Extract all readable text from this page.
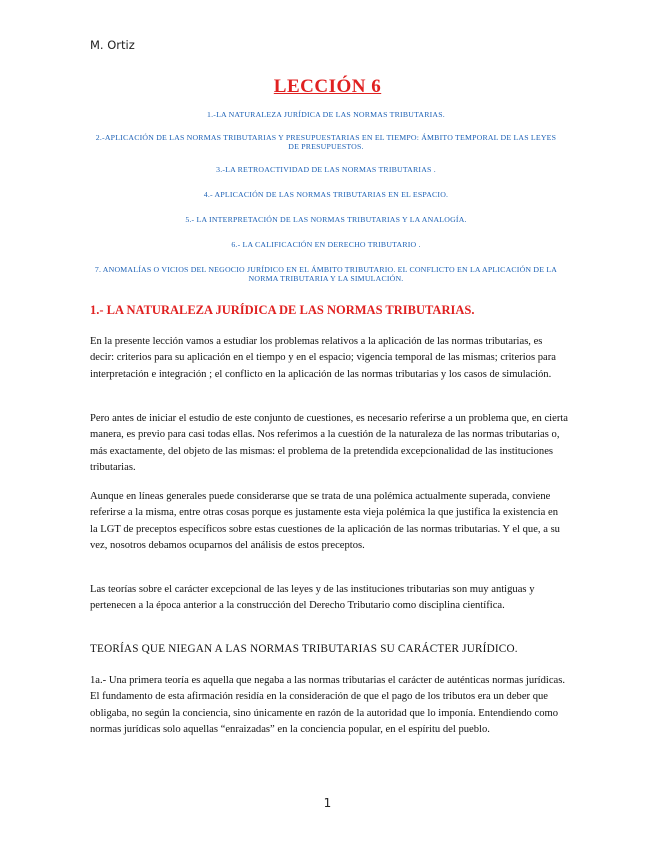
M. Ortiz
LECCIÓN 6
1.-LA NATURALEZA JURÍDICA DE LAS NORMAS TRIBUTARIAS.
2.-APLICACIÓN DE LAS NORMAS TRIBUTARIAS Y PRESUPUESTARIAS EN EL TIEMPO: ÁMBITO TEMPORAL DE LAS LEYES DE PRESUPUESTOS.
3.-LA RETROACTIVIDAD DE LAS NORMAS TRIBUTARIAS .
4.- APLICACIÓN DE LAS NORMAS TRIBUTARIAS EN EL ESPACIO.
5.- LA INTERPRETACIÓN DE LAS NORMAS TRIBUTARIAS Y LA ANALOGÍA.
6.- LA CALIFICACIÓN EN DERECHO TRIBUTARIO .
7. ANOMALÍAS O VICIOS DEL NEGOCIO JURÍDICO EN EL ÁMBITO TRIBUTARIO. EL CONFLICTO EN LA APLICACIÓN DE LA NORMA TRIBUTARIA Y LA SIMULACIÓN.
1.- LA NATURALEZA JURÍDICA DE LAS NORMAS TRIBUTARIAS.

En la presente lección vamos a estudiar los problemas relativos a la aplicación de las normas tributarias, es decir: criterios para su aplicación en el tiempo y en el espacio; vigencia temporal de las mismas; criterios para interpretación e integración ; el conflicto en la aplicación de las normas tributarias y los casos de simulación.

Pero antes de iniciar el estudio de este conjunto de cuestiones, es necesario referirse a un problema que, en cierta manera, es previo para casi todas ellas. Nos referimos a la cuestión de la naturaleza de las normas tributarias o, más exactamente, del objeto de las mismas: el problema de la pretendida excepcionalidad de las instituciones tributarias.

Aunque en líneas generales puede considerarse que se trata de una polémica actualmente superada, conviene referirse a la misma, entre otras cosas porque es justamente esta vieja polémica la que justifica la existencia en la LGT de preceptos específicos sobre estas cuestiones de la aplicación de las normas tributarias. Y el que, a su vez, nosotros debamos ocuparnos del análisis de estos preceptos.

Las teorías sobre el carácter excepcional de las leyes y de las instituciones tributarias son muy antiguas y pertenecen a la época anterior a la construcción del Derecho Tributario como disciplina científica.

TEORÍAS QUE NIEGAN A LAS NORMAS TRIBUTARIAS SU CARÁCTER JURÍDICO.

1a.- Una primera teoría es aquella que negaba a las normas tributarias el carácter de auténticas normas jurídicas. El fundamento de esta afirmación residía en la consideración de que el pago de los tributos era un deber que obligaba, no según la conciencia, sino únicamente en razón de la autoridad que lo imponía. Entendiendo como normas jurídicas solo aquellas “enraizadas” en la conciencia popular, en el espíritu del pueblo.

1
